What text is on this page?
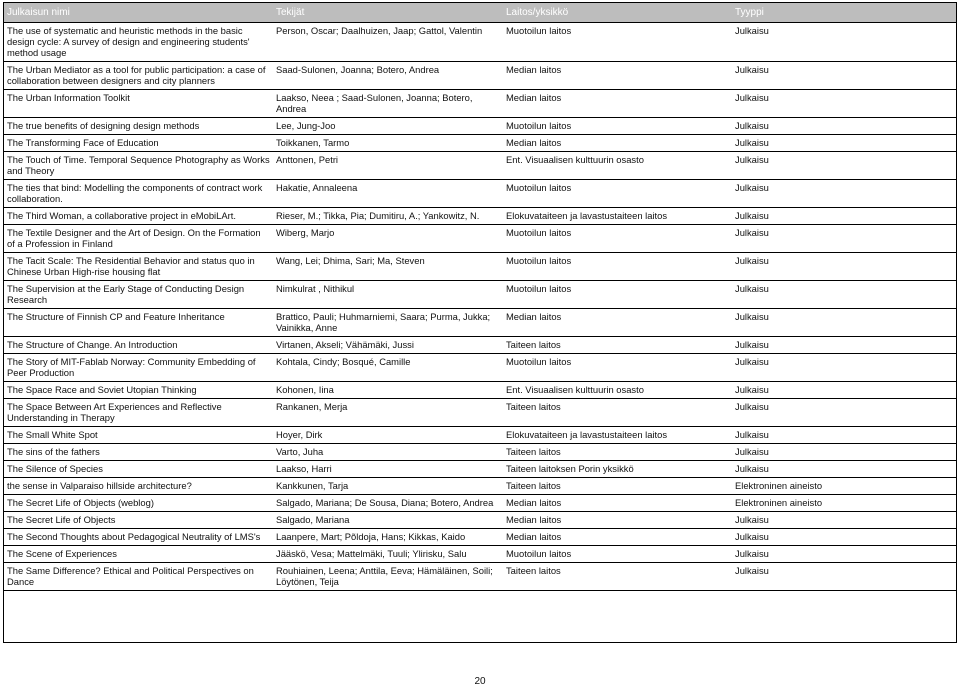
Julkaisun nimi	Tekijät	Laitos/yksikkö	Tyyppi
The use of systematic and heuristic methods in the basic design cycle: A survey of design and engineering students' method usage	Person, Oscar; Daalhuizen, Jaap; Gattol, Valentin	Muotoilun laitos	Julkaisu
The Urban Mediator as a tool for public participation: a case of collaboration between designers and city planners	Saad-Sulonen, Joanna; Botero, Andrea	Median laitos	Julkaisu
The Urban Information Toolkit	Laakso, Neea ; Saad-Sulonen, Joanna; Botero, Andrea	Median laitos	Julkaisu
The true benefits of designing design methods	Lee, Jung-Joo	Muotoilun laitos	Julkaisu
The Transforming Face of Education	Toikkanen, Tarmo	Median laitos	Julkaisu
The Touch of Time. Temporal Sequence Photography as Works and Theory	Anttonen, Petri	Ent. Visuaalisen kulttuurin osasto	Julkaisu
The ties that bind: Modelling the components of contract work collaboration.	Hakatie, Annaleena	Muotoilun laitos	Julkaisu
The Third Woman, a collaborative project in eMobiLArt.	Rieser, M.; Tikka, Pia; Dumitiru, A.; Yankowitz, N.	Elokuvataiteen ja lavastustaiteen laitos	Julkaisu
The Textile Designer and the Art of Design. On the Formation of a Profession in Finland	Wiberg, Marjo	Muotoilun laitos	Julkaisu
The Tacit Scale: The Residential Behavior and status quo in Chinese Urban High-rise housing flat	Wang, Lei; Dhima, Sari; Ma, Steven	Muotoilun laitos	Julkaisu
The Supervision at the Early Stage of Conducting Design Research	Nimkulrat , Nithikul	Muotoilun laitos	Julkaisu
The Structure of Finnish CP and Feature Inheritance	Brattico, Pauli; Huhmarniemi, Saara; Purma, Jukka; Vainikka, Anne	Median laitos	Julkaisu
The Structure of Change. An Introduction	Virtanen, Akseli; Vähämäki, Jussi	Taiteen laitos	Julkaisu
The Story of MIT-Fablab Norway: Community Embedding of Peer Production	Kohtala, Cindy; Bosqué, Camille	Muotoilun laitos	Julkaisu
The Space Race and Soviet Utopian Thinking	Kohonen, Iina	Ent. Visuaalisen kulttuurin osasto	Julkaisu
The Space Between Art Experiences and Reflective Understanding in Therapy	Rankanen, Merja	Taiteen laitos	Julkaisu
The Small White Spot	Hoyer, Dirk	Elokuvataiteen ja lavastustaiteen laitos	Julkaisu
The sins of the fathers	Varto, Juha	Taiteen laitos	Julkaisu
The Silence of Species	Laakso, Harri	Taiteen laitoksen Porin yksikkö	Julkaisu
the sense in Valparaiso hillside architecture?	Kankkunen, Tarja	Taiteen laitos	Elektroninen aineisto
The Secret Life of Objects (weblog)	Salgado, Mariana; De Sousa, Diana; Botero, Andrea	Median laitos	Elektroninen aineisto
The Secret Life of Objects	Salgado, Mariana	Median laitos	Julkaisu
The Second Thoughts about Pedagogical Neutrality of LMS's	Laanpere, Mart; Põldoja, Hans; Kikkas, Kaido	Median laitos	Julkaisu
The Scene of Experiences	Jääskö, Vesa; Mattelmäki, Tuuli; Ylirisku, Salu	Muotoilun laitos	Julkaisu
The Same Difference? Ethical and Political Perspectives on Dance	Rouhiainen, Leena; Anttila, Eeva; Hämäläinen, Soili; Löytönen, Teija	Taiteen laitos	Julkaisu
20
